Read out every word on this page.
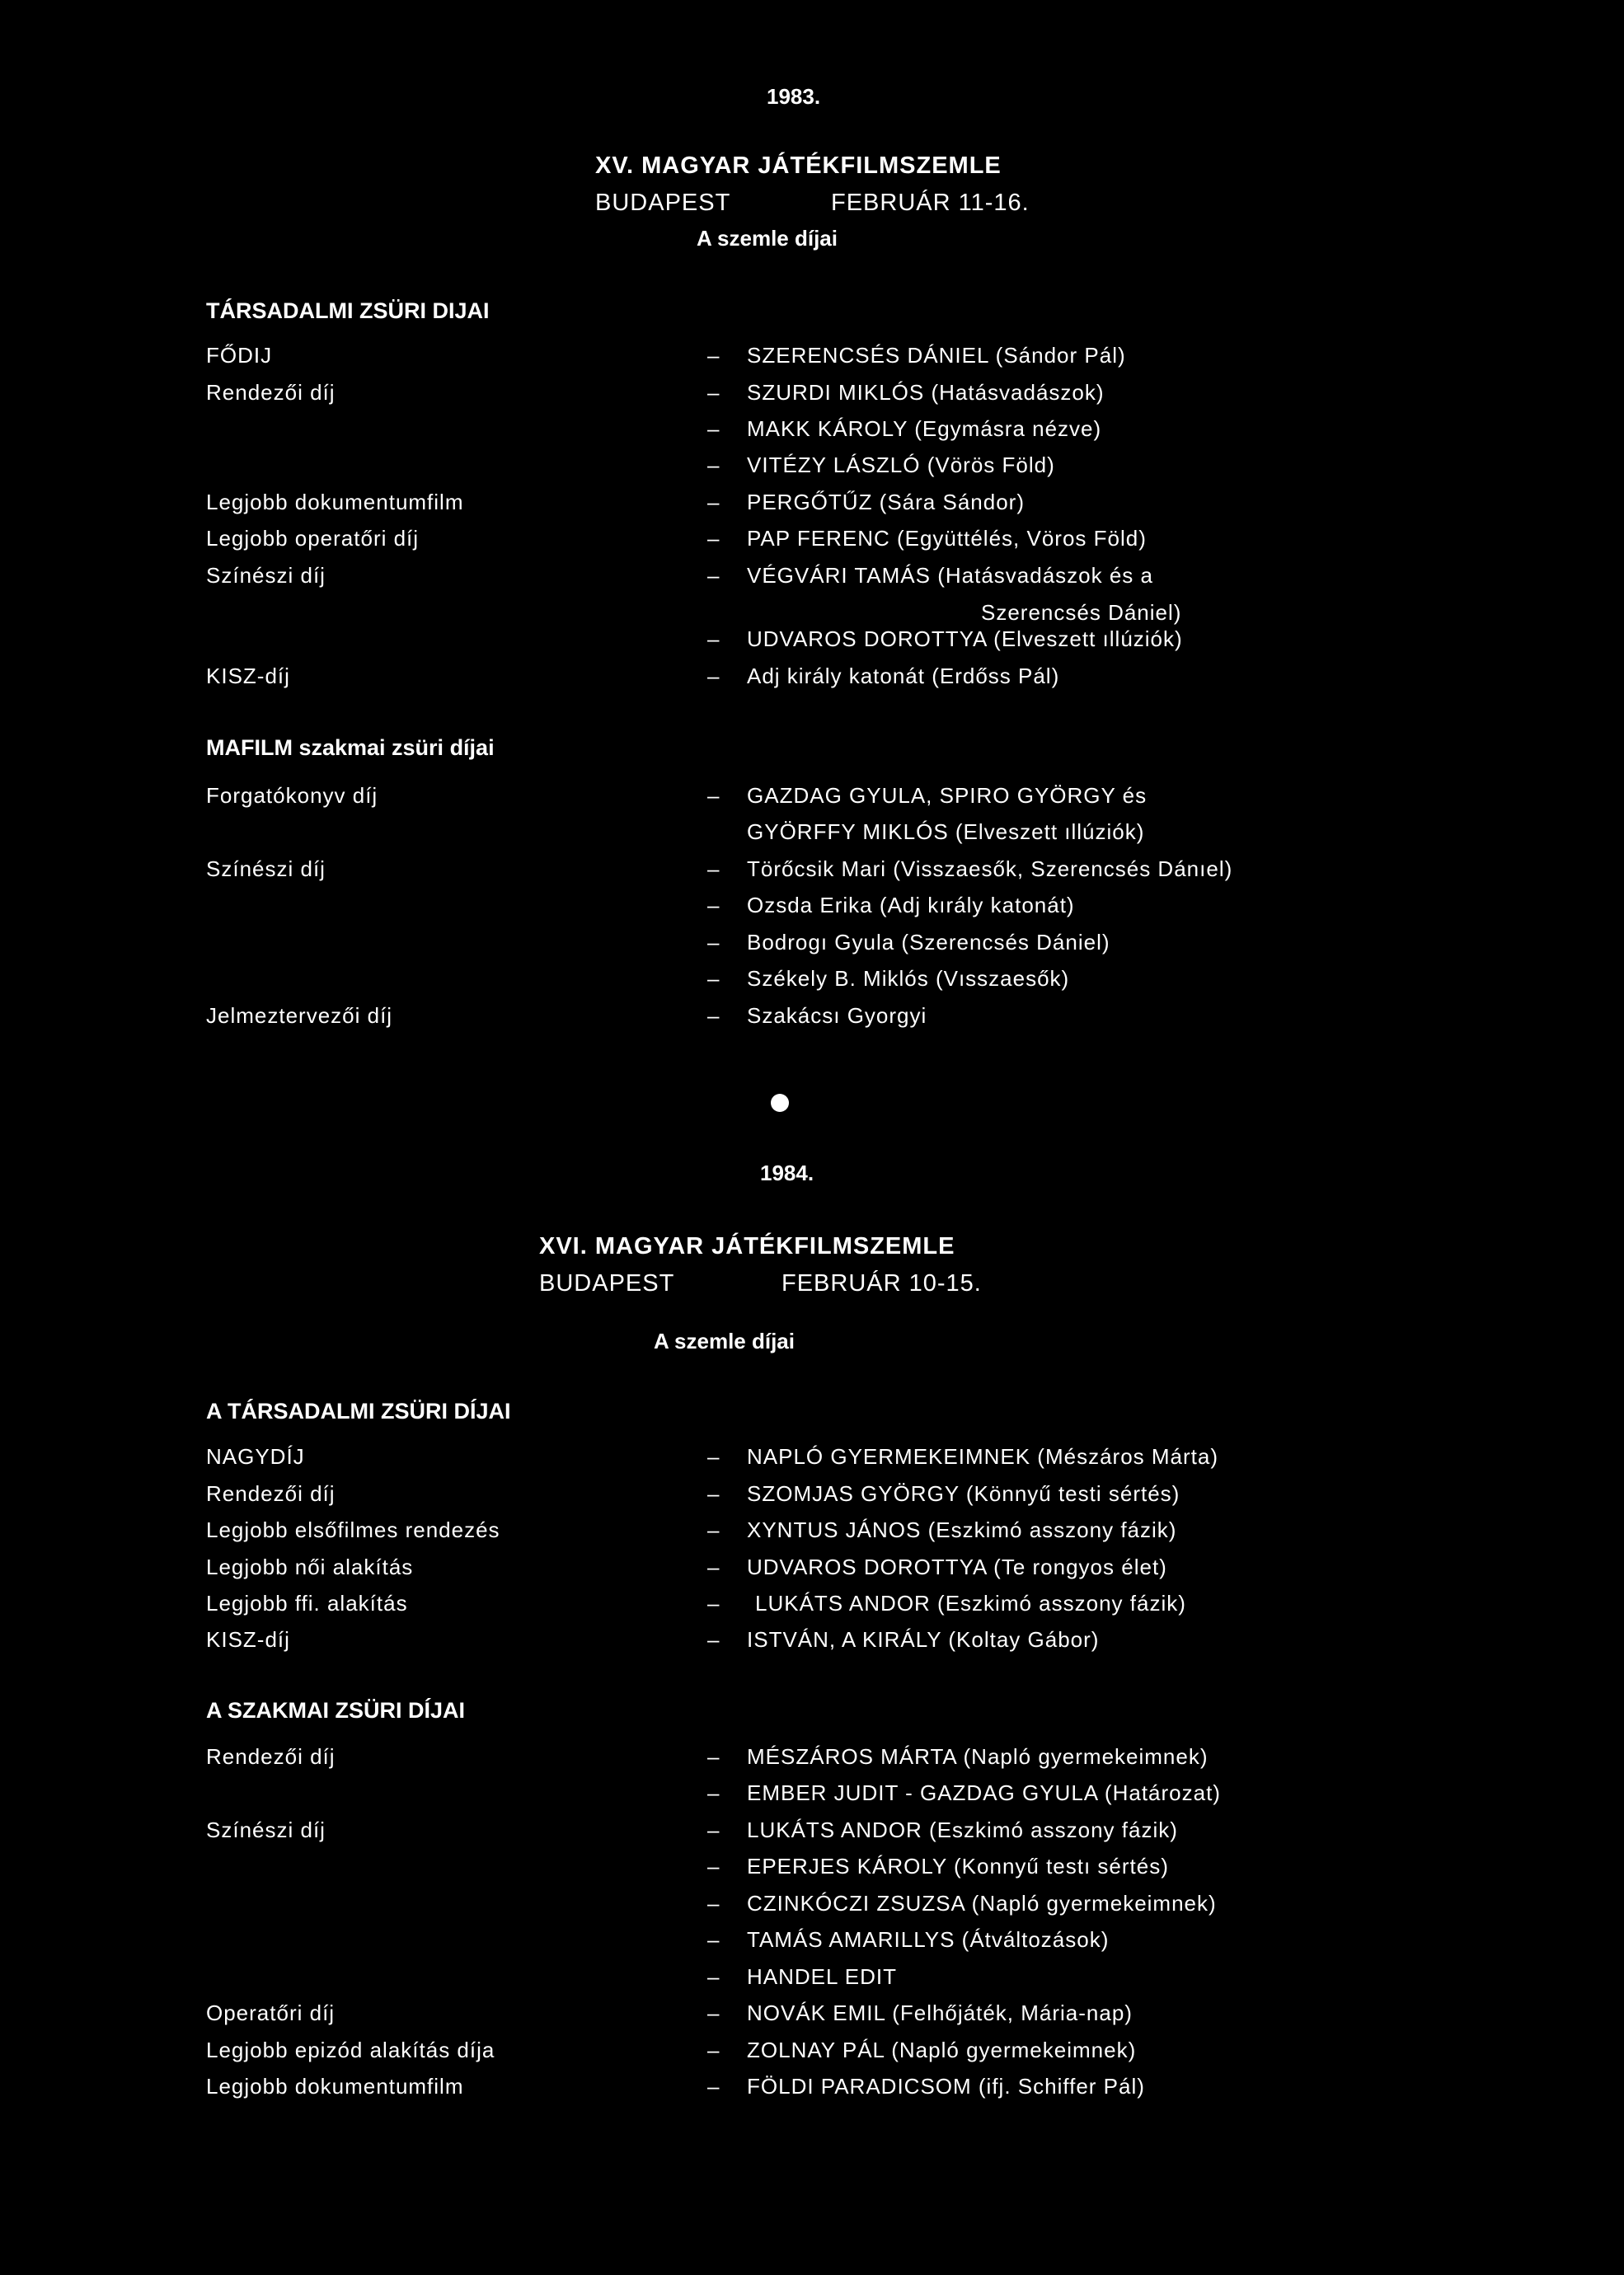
1983.
XV. MAGYAR JÁTÉKFILMSZEMLE
BUDAPEST	FEBRUÁR 11-16.
A szemle díjai
TÁRSADALMI ZSÜRI DIJAI
FŐDIJ	– SZERENCSÉS DÁNIEL (Sándor Pál)
Rendezői díj	– SZURDI MIKLÓS (Hatásvadászok)
– MAKK KÁROLY (Egymásra nézve)
– VITÉZY LÁSZLÓ (Vörös Föld)
Legjobb dokumentumfilm	– PERGŐTŰZ (Sára Sándor)
Legjobb operatőri díj	– PAP FERENC (Együttélés, Vöros Föld)
Színészi díj	– VÉGVÁRI TAMÁS (Hatásvadászok és a
Szerencsés Dániel)
– UDVAROS DOROTTYA (Elveszett ıllúziók)
KISZ-díj	– Adj király katonát (Erdőss Pál)
MAFILM szakmai zsüri díjai
Forgatókonyv díj	– GAZDAG GYULA, SPIRO GYÖRGY és
GYÖRFFY MIKLÓS (Elveszett ıllúziók)
Színészi díj	– Törőcsik Mari (Visszaesők, Szerencsés Dánıel)
– Ozsda Erika (Adj kırály katonát)
– Bodrogı Gyula (Szerencsés Dániel)
– Székely B. Miklós (Vısszaesők)
Jelmeztervezői díj	– Szakácsı Gyorgyi
1984.
XVI. MAGYAR JÁTÉKFILMSZEMLE
BUDAPEST	FEBRUÁR 10-15.
A szemle díjai
A TÁRSADALMI ZSÜRI DÍJAI
NAGYDÍJ	– NAPLÓ GYERMEKEIMNEK (Mészáros Márta)
Rendezői díj	– SZOMJAS GYÖRGY (Könnyű testi sértés)
Legjobb elsőfilmes rendezés	– XYNTUS JÁNOS (Eszkimó asszony fázik)
Legjobb női alakítás	– UDVAROS DOROTTYA (Te rongyos élet)
Legjobb ffi. alakítás	– LUKÁTS ANDOR (Eszkimó asszony fázik)
KISZ-díj	– ISTVÁN, A KIRÁLY (Koltay Gábor)
A SZAKMAI ZSÜRI DÍJAI
Rendezői díj	– MÉSZÁROS MÁRTA (Napló gyermekeimnek)
– EMBER JUDIT - GAZDAG GYULA (Határozat)
Színészi díj	– LUKÁTS ANDOR (Eszkimó asszony fázik)
– EPERJES KÁROLY (Konnyű testı sértés)
– CZINKÓCZI ZSUZSA (Napló gyermekeimnek)
– TAMÁS AMARILLYS (Átváltozások)
– HANDEL EDIT
Operatőri díj	– NOVÁK EMIL (Felhőjáték, Mária-nap)
Legjobb epizód alakítás díja	– ZOLNAY PÁL (Napló gyermekeimnek)
Legjobb dokumentumfilm	– FÖLDI PARADICSOM (ifj. Schiffer Pál)
